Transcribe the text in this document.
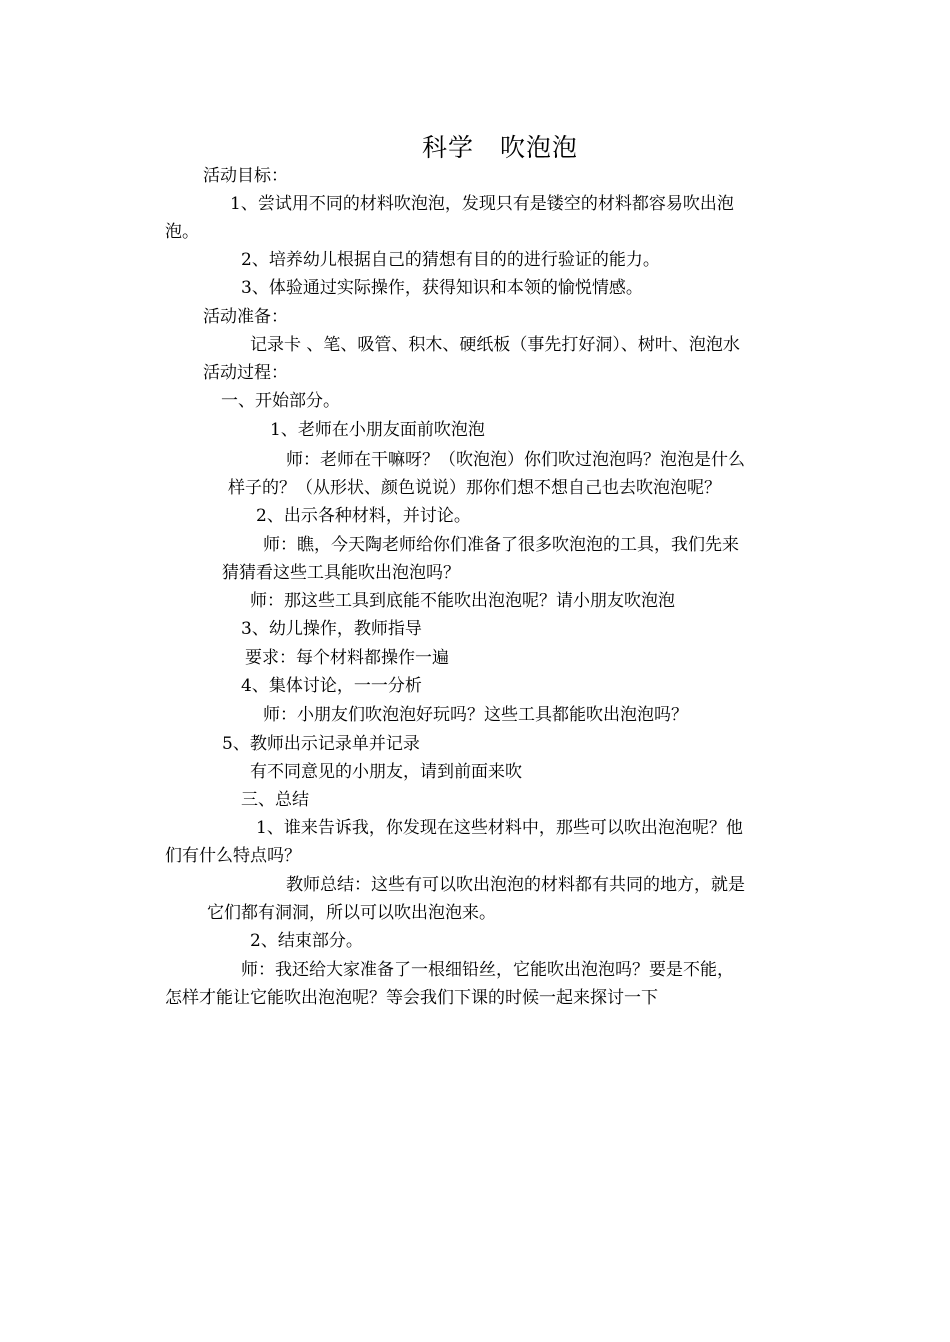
科学　吹泡泡
活动目标：
1、尝试用不同的材料吹泡泡，发现只有是镂空的材料都容易吹出泡
泡。
2、培养幼儿根据自己的猜想有目的的进行验证的能力。
3、体验通过实际操作，获得知识和本领的愉悦情感。
活动准备：
记录卡 、笔、吸管、积木、硬纸板（事先打好洞）、树叶、泡泡水
活动过程：
一、开始部分。
1、老师在小朋友面前吹泡泡
师：老师在干嘛呀？（吹泡泡）你们吹过泡泡吗？泡泡是什么
样子的？（从形状、颜色说说）那你们想不想自己也去吹泡泡呢？
2、出示各种材料，并讨论。
师：瞧，今天陶老师给你们准备了很多吹泡泡的工具，我们先来
猜猜看这些工具能吹出泡泡吗？
师：那这些工具到底能不能吹出泡泡呢？请小朋友吹泡泡
3、幼儿操作，教师指导
要求：每个材料都操作一遍
4、集体讨论，一一分析
师：小朋友们吹泡泡好玩吗？这些工具都能吹出泡泡吗？
5、教师出示记录单并记录
有不同意见的小朋友，请到前面来吹
三、总结
1、谁来告诉我，你发现在这些材料中，那些可以吹出泡泡呢？他
们有什么特点吗？
教师总结：这些有可以吹出泡泡的材料都有共同的地方，就是
它们都有洞洞，所以可以吹出泡泡来。
2、结束部分。
师：我还给大家准备了一根细铅丝，它能吹出泡泡吗？要是不能，
怎样才能让它能吹出泡泡呢？等会我们下课的时候一起来探讨一下
